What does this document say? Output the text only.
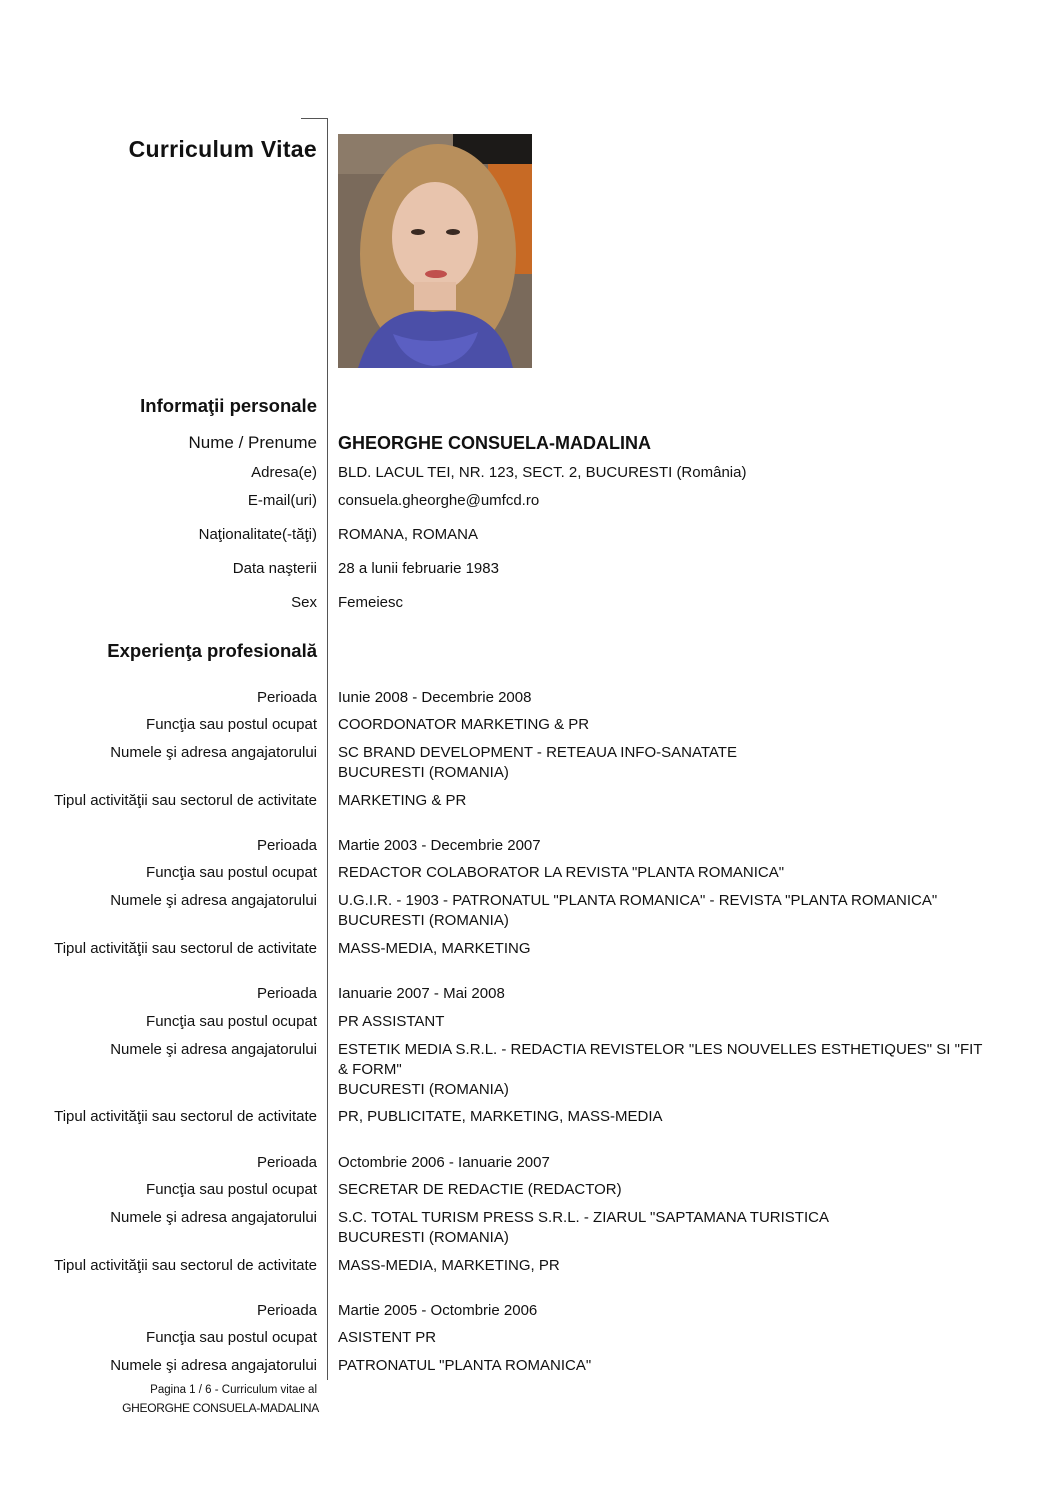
Curriculum Vitae
Informaţii personale
Nume / Prenume GHEORGHE CONSUELA-MADALINA
Adresa(e) BLD. LACUL TEI, NR. 123, SECT. 2, BUCURESTI (România)
E-mail(uri) consuela.gheorghe@umfcd.ro
Naţionalitate(-tăţi) ROMANA, ROMANA
Data naşterii 28 a lunii februarie 1983
Sex Femeiesc
Experienţa profesională
Perioada Iunie 2008 - Decembrie 2008
Funcţia sau postul ocupat COORDONATOR MARKETING & PR
Numele şi adresa angajatorului SC BRAND DEVELOPMENT - RETEAUA INFO-SANATATE
BUCURESTI (ROMANIA)
Tipul activităţii sau sectorul de activitate MARKETING & PR
Perioada Martie 2003 - Decembrie 2007
Funcţia sau postul ocupat REDACTOR COLABORATOR LA REVISTA "PLANTA ROMANICA"
Numele şi adresa angajatorului U.G.I.R. - 1903 - PATRONATUL "PLANTA ROMANICA" - REVISTA "PLANTA ROMANICA"
BUCURESTI (ROMANIA)
Tipul activităţii sau sectorul de activitate MASS-MEDIA, MARKETING
Perioada Ianuarie 2007 - Mai 2008
Funcţia sau postul ocupat PR ASSISTANT
Numele şi adresa angajatorului ESTETIK MEDIA S.R.L. - REDACTIA REVISTELOR "LES NOUVELLES ESTHETIQUES" SI "FIT & FORM"
BUCURESTI (ROMANIA)
Tipul activităţii sau sectorul de activitate PR, PUBLICITATE, MARKETING, MASS-MEDIA
Perioada Octombrie 2006 - Ianuarie 2007
Funcţia sau postul ocupat SECRETAR DE REDACTIE (REDACTOR)
Numele şi adresa angajatorului S.C. TOTAL TURISM PRESS S.R.L. - ZIARUL "SAPTAMANA TURISTICA
BUCURESTI (ROMANIA)
Tipul activităţii sau sectorul de activitate MASS-MEDIA, MARKETING, PR
Perioada Martie 2005 - Octombrie 2006
Funcţia sau postul ocupat ASISTENT PR
Numele şi adresa angajatorului PATRONATUL "PLANTA ROMANICA"
Pagina 1 / 6 - Curriculum vitae al
GHEORGHE CONSUELA-MADALINA
